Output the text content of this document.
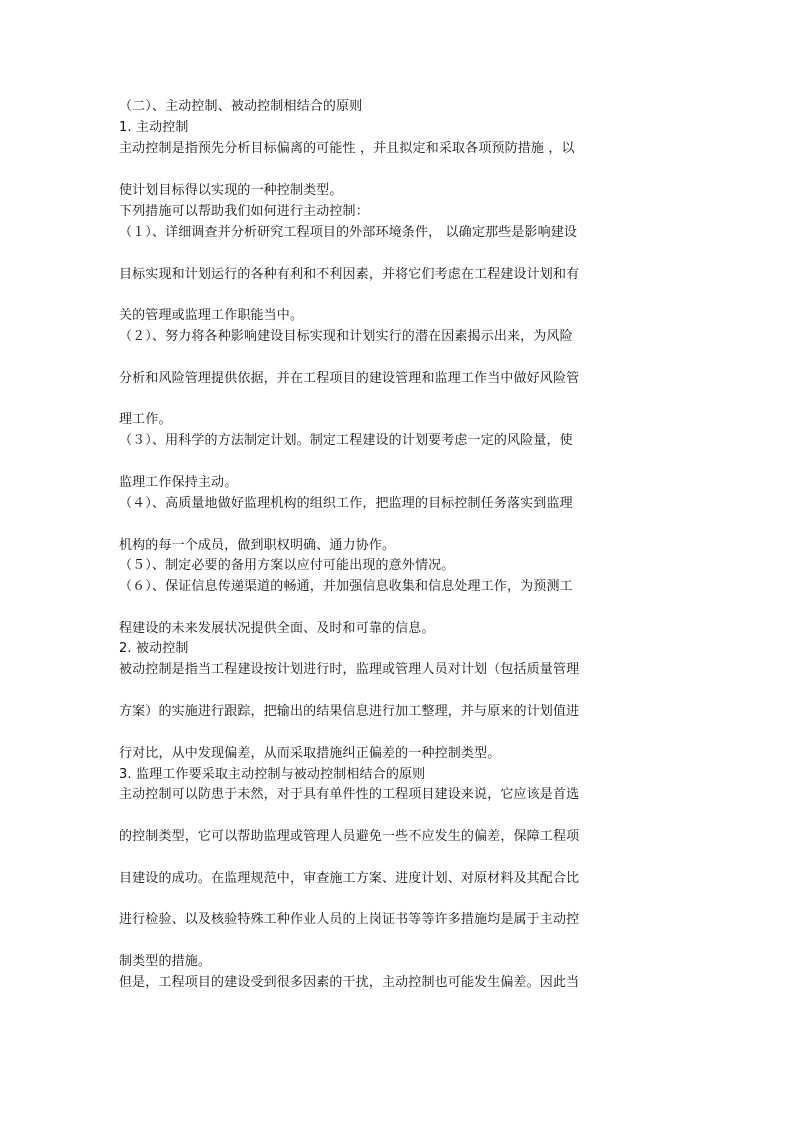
（二）、主动控制、被动控制相结合的原则
1. 主动控制
主动控制是指预先分析目标偏离的可能性 ，并且拟定和采取各项预防措施 ，以
使计划目标得以实现的一种控制类型。
下列措施可以帮助我们如何进行主动控制：
（１）、详细调查并分析研究工程项目的外部环境条件， 以确定那些是影响建设
目标实现和计划运行的各种有利和不利因素，并将它们考虑在工程建设计划和有
关的管理或监理工作职能当中。
（２）、努力将各种影响建设目标实现和计划实行的潜在因素揭示出来，为风险
分析和风险管理提供依据，并在工程项目的建设管理和监理工作当中做好风险管
理工作。
（３）、用科学的方法制定计划。制定工程建设的计划要考虑一定的风险量，使
监理工作保持主动。
（４）、高质量地做好监理机构的组织工作，把监理的目标控制任务落实到监理
机构的每一个成员，做到职权明确、通力协作。
（５）、制定必要的备用方案以应付可能出现的意外情况。
（６）、保证信息传递渠道的畅通，并加强信息收集和信息处理工作，为预测工
程建设的未来发展状况提供全面、及时和可靠的信息。
2. 被动控制
被动控制是指当工程建设按计划进行时，监理或管理人员对计划（包括质量管理
方案）的实施进行跟踪，把输出的结果信息进行加工整理，并与原来的计划值进
行对比，从中发现偏差，从而采取措施纠正偏差的一种控制类型。
3. 监理工作要采取主动控制与被动控制相结合的原则
主动控制可以防患于未然，对于具有单件性的工程项目建设来说，它应该是首选
的控制类型，它可以帮助监理或管理人员避免一些不应发生的偏差，保障工程项
目建设的成功。在监理规范中，审查施工方案、进度计划、对原材料及其配合比
进行检验、以及核验特殊工种作业人员的上岗证书等等许多措施均是属于主动控
制类型的措施。
但是，工程项目的建设受到很多因素的干扰，主动控制也可能发生偏差。因此当
